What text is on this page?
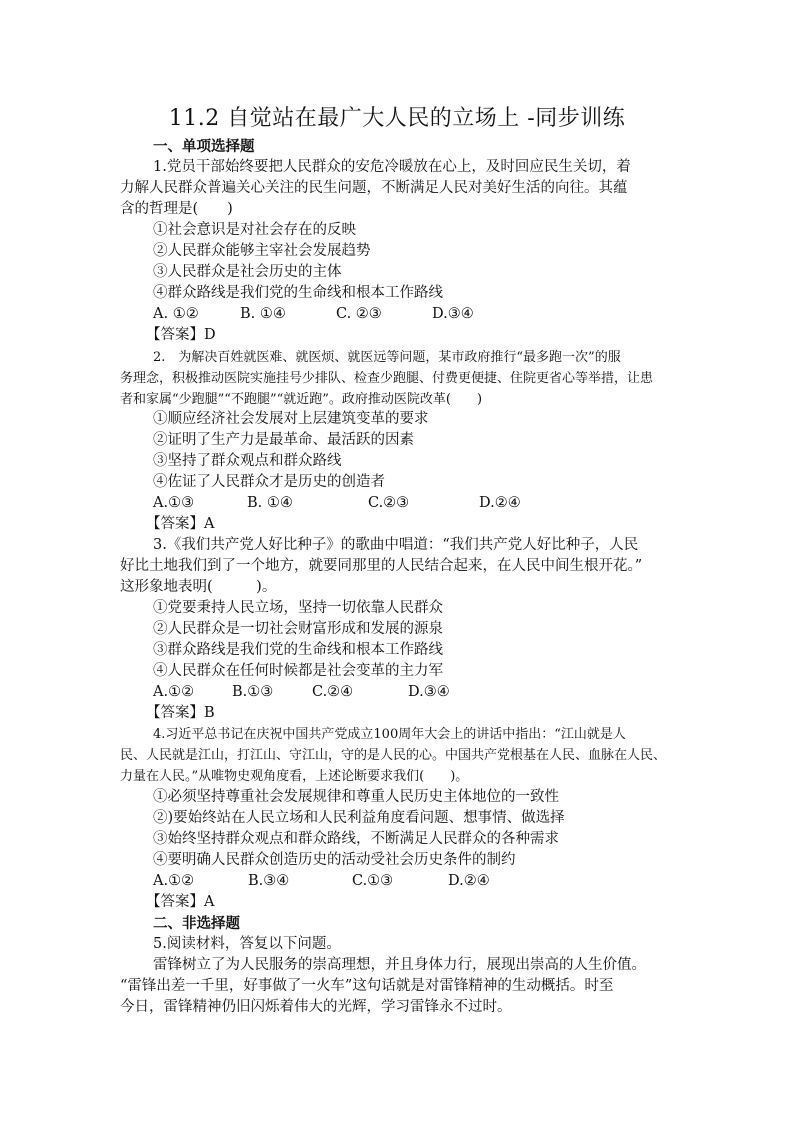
11.2 自觉站在最广大人民的立场上 -同步训练
一、单项选择题
1.党员干部始终要把人民群众的安危冷暖放在心上，及时回应民生关切，着
力解人民群众普遍关心关注的民生问题，不断满足人民对美好生活的向往。其蕴
含的哲理是(　　)
①社会意识是对社会存在的反映
②人民群众能够主宰社会发展趋势
③人民群众是社会历史的主体
④群众路线是我们党的生命线和根本工作路线
A. ①②	B. ①④	C. ②③	D.③④
【答案】D
2.　为解决百姓就医难、就医烦、就医远等问题，某市政府推行“最多跑一次”的服
务理念，积极推动医院实施挂号少排队、检查少跑腿、付费更便捷、住院更省心等举措，让患
者和家属“少跑腿”“不跑腿”“就近跑”。政府推动医院改革(　　)
①顺应经济社会发展对上层建筑变革的要求
②证明了生产力是最革命、最活跃的因素
③坚持了群众观点和群众路线
④佐证了人民群众才是历史的创造者
A.①③	B. ①④	C.②③	D.②④
【答案】A
3.《我们共产党人好比种子》的歌曲中唱道：“我们共产党人好比种子，人民
好比土地我们到了一个地方，就要同那里的人民结合起来，在人民中间生根开花。”
这形象地表明(　　　)。
①党要秉持人民立场，坚持一切依靠人民群众
②人民群众是一切社会财富形成和发展的源泉
③群众路线是我们党的生命线和根本工作路线
④人民群众在任何时候都是社会变革的主力军
A.①②	B.①③	C.②④	D.③④
【答案】B
4.习近平总书记在庆祝中国共产党成立100周年大会上的讲话中指出：“江山就是人
民、人民就是江山，打江山、守江山，守的是人民的心。中国共产党根基在人民、血脉在人民、
力量在人民。”从唯物史观角度看，上述论断要求我们(　　)。
①必须坚持尊重社会发展规律和尊重人民历史主体地位的一致性
②)要始终站在人民立场和人民利益角度看问题、想事情、做选择
③始终坚持群众观点和群众路线，不断满足人民群众的各种需求
④要明确人民群众创造历史的活动受社会历史条件的制约
A.①②	B.③④	C.①③	D.②④
【答案】A
二、非选择题
5.阅读材料，答复以下问题。
雷锋树立了为人民服务的崇高理想，并且身体力行，展现出崇高的人生价值。
“雷锋出差一千里，好事做了一火车”这句话就是对雷锋精神的生动概括。时至
今日，雷锋精神仍旧闪烁着伟大的光辉，学习雷锋永不过时。
